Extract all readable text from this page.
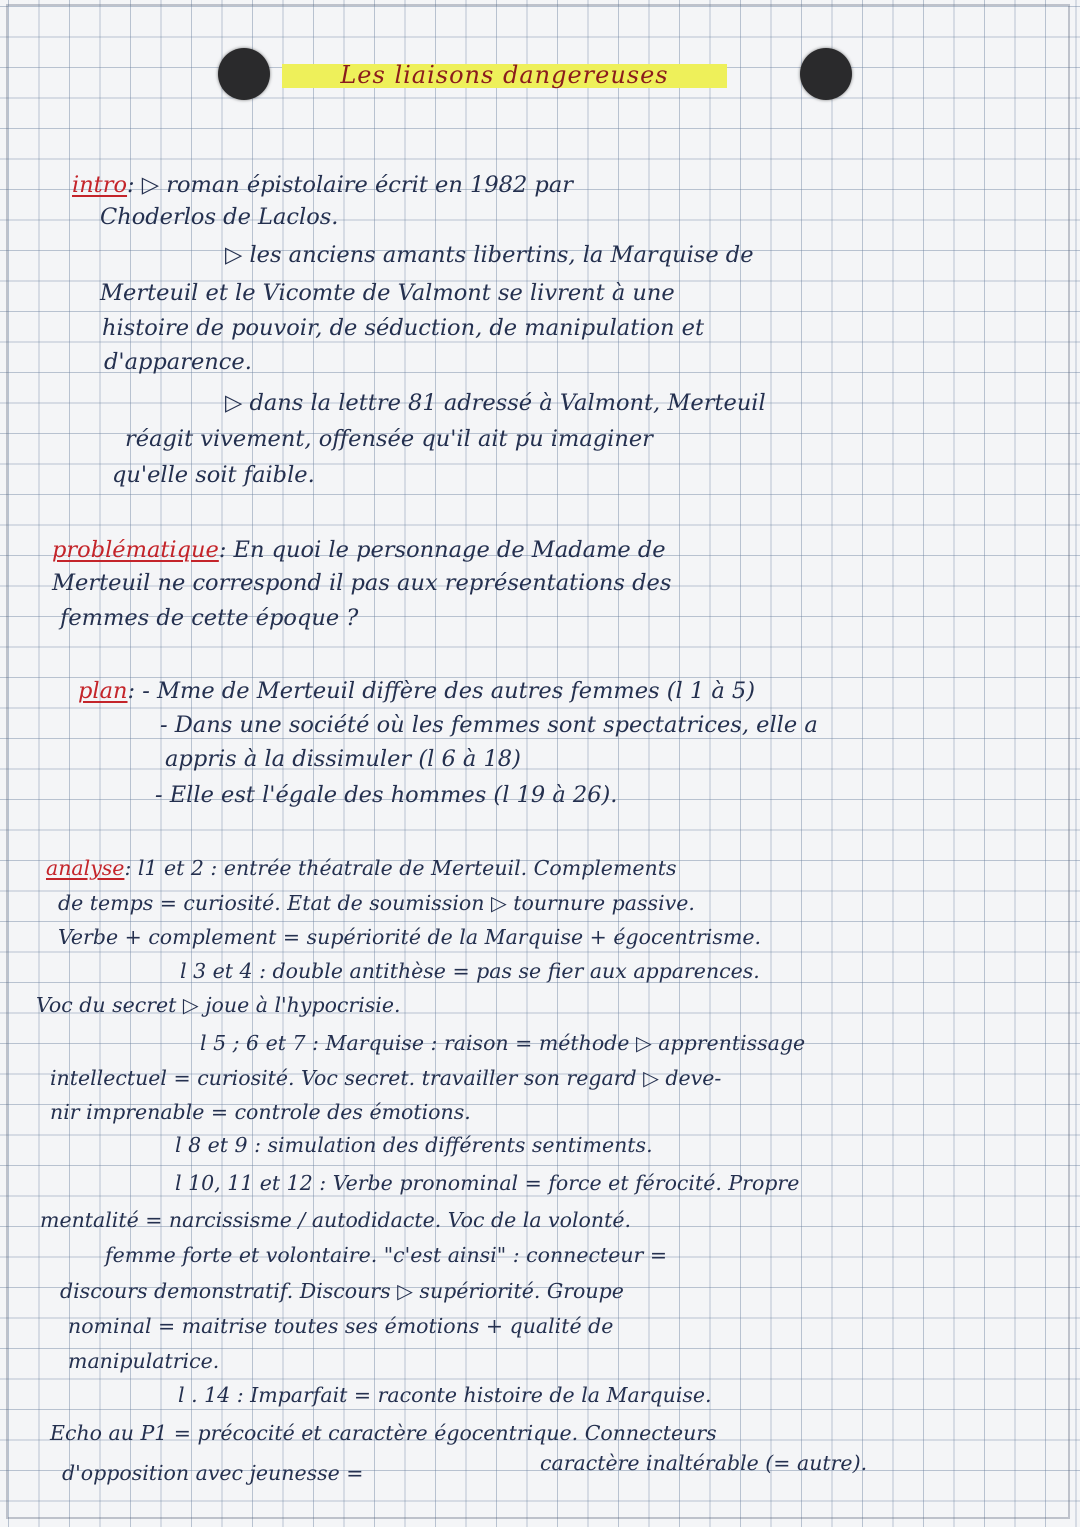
Les liaisons dangereuses
intro: ▷ roman épistolaire écrit en 1982 par
Choderlos de Laclos.
▷ les anciens amants libertins, la Marquise de
Merteuil et le Vicomte de Valmont se livrent à une
histoire de pouvoir, de séduction, de manipulation et
d'apparence.
▷ dans la lettre 81 adressé à Valmont, Merteuil
réagit vivement, offensée qu'il ait pu imaginer
qu'elle soit faible.
problématique: En quoi le personnage de Madame de
Merteuil ne correspond il pas aux représentations des
femmes de cette époque ?
plan: - Mme de Merteuil diffère des autres femmes (l 1 à 5)
- Dans une société où les femmes sont spectatrices, elle a
appris à la dissimuler (l 6 à 18)
- Elle est l'égale des hommes (l 19 à 26).
analyse: l1 et 2 : entrée théatrale de Merteuil. Complements
de temps = curiosité. Etat de soumission ▷ tournure passive.
Verbe + complement = supériorité de la Marquise + égocentrisme.
l 3 et 4 : double antithèse = pas se fier aux apparences.
Voc du secret ▷ joue à l'hypocrisie.
l 5 ; 6 et 7 : Marquise : raison = méthode ▷ apprentissage
intellectuel = curiosité. Voc secret. travailler son regard ▷ deve-
nir imprenable = controle des émotions.
l 8 et 9 : simulation des différents sentiments.
l 10, 11 et 12 : Verbe pronominal = force et férocité. Propre
mentalité = narcissisme / autodidacte. Voc de la volonté.
femme forte et volontaire. "c'est ainsi" : connecteur =
discours demonstratif. Discours ▷ supériorité. Groupe
nominal = maitrise toutes ses émotions + qualité de
manipulatrice.
l . 14 : Imparfait = raconte histoire de la Marquise.
Echo au P1 = précocité et caractère égocentrique. Connecteurs
d'opposition avec jeunesse =	caractère inaltérable (= autre).
